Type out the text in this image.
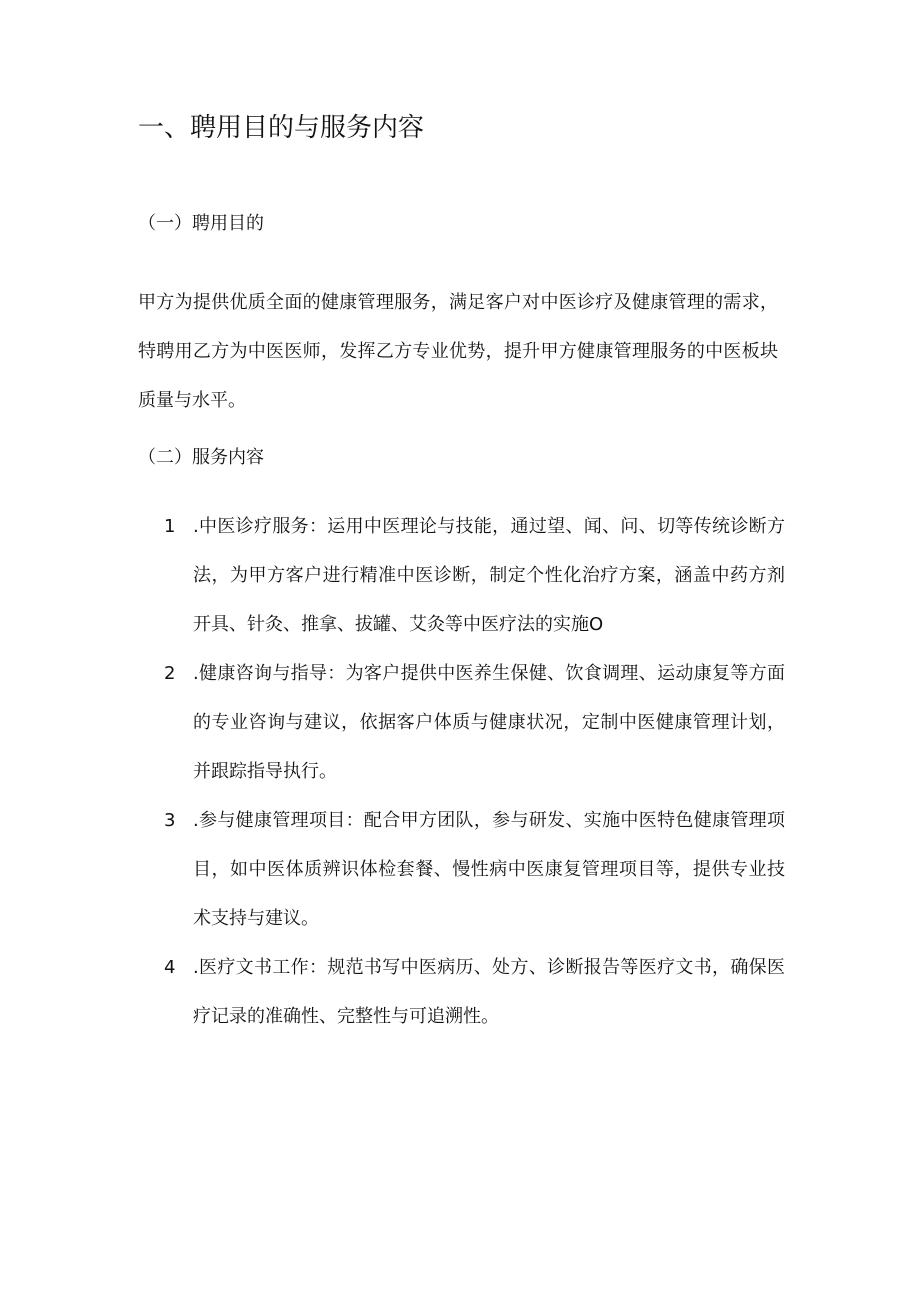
一、聘用目的与服务内容
（一）聘用目的

甲方为提供优质全面的健康管理服务，满足客户对中医诊疗及健康管理的需求，特聘用乙方为中医医师，发挥乙方专业优势，提升甲方健康管理服务的中医板块质量与水平。

（二）服务内容
1 .中医诊疗服务：运用中医理论与技能，通过望、闻、问、切等传统诊断方法，为甲方客户进行精准中医诊断，制定个性化治疗方案，涵盖中药方剂开具、针灸、推拿、拔罐、艾灸等中医疗法的实施O
2 .健康咨询与指导：为客户提供中医养生保健、饮食调理、运动康复等方面的专业咨询与建议，依据客户体质与健康状况，定制中医健康管理计划，并跟踪指导执行。
3 .参与健康管理项目：配合甲方团队，参与研发、实施中医特色健康管理项目，如中医体质辨识体检套餐、慢性病中医康复管理项目等，提供专业技术支持与建议。
4 .医疗文书工作：规范书写中医病历、处方、诊断报告等医疗文书，确保医疗记录的准确性、完整性与可追溯性。
